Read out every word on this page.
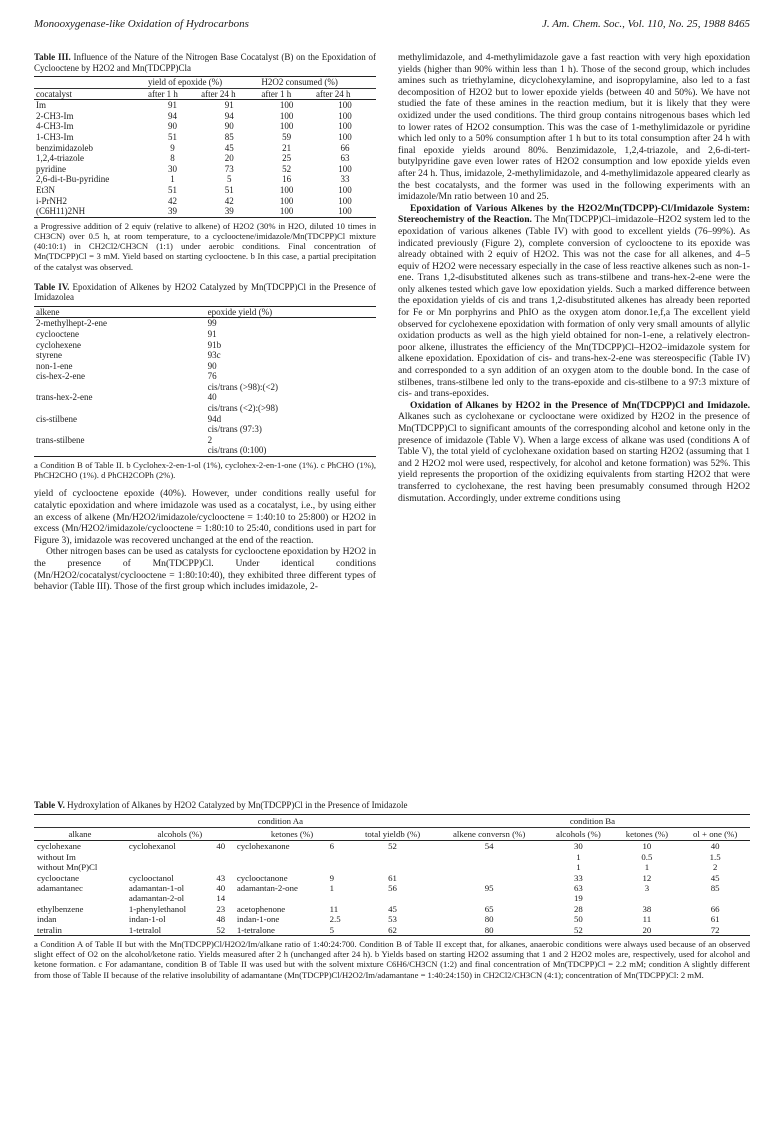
Monooxygenase-like Oxidation of Hydrocarbons	J. Am. Chem. Soc., Vol. 110, No. 25, 1988 8465
Table III. Influence of the Nature of the Nitrogen Base Cocatalyst (B) on the Epoxidation of Cyclooctene by H2O2 and Mn(TDCPP)Cla
	yield of epoxide (%)		H2O2 consumed (%)	
cocatalyst	after 1 h	after 24 h	after 1 h	after 24 h
Im	91	91	100	100
2-CH3-Im	94	94	100	100
4-CH3-Im	90	90	100	100
1-CH3-Im	51	85	59	100
benzimidazoleb	9	45	21	66
1,2,4-triazole	8	20	25	63
pyridine	30	73	52	100
2,6-di-t-Bu-pyridine	1	5	16	33
Et3N	51	51	100	100
i-PrNH2	42	42	100	100
(C6H11)2NH	39	39	100	100
a Progressive addition of 2 equiv (relative to alkene) of H2O2 (30% in H2O, diluted 10 times in CH3CN) over 0.5 h, at room temperature, to a cyclooctene/imidazole/Mn(TDCPP)Cl mixture (40:10:1) in CH2Cl2/CH3CN (1:1) under aerobic conditions. Final concentration of Mn(TDCPP)Cl = 3 mM. Yield based on starting cyclooctene. b In this case, a partial precipitation of the catalyst was observed.
Table IV. Epoxidation of Alkenes by H2O2 Catalyzed by Mn(TDCPP)Cl in the Presence of Imidazolea
alkene	epoxide yield (%)
2-methylhept-2-ene	99
cyclooctene	91
cyclohexene	91b
styrene	93c
non-1-ene	90
cis-hex-2-ene	76
	cis/trans (>98):(<2)
trans-hex-2-ene	40
	cis/trans (<2):(>98)
cis-stilbene	94d
	cis/trans (97:3)
trans-stilbene	2
	cis/trans (0:100)
a Condition B of Table II. b Cyclohex-2-en-1-ol (1%), cyclohex-2-en-1-one (1%). c PhCHO (1%), PhCH2CHO (1%). d PhCH2COPh (2%).

yield of cyclooctene epoxide (40%). However, under conditions really useful for catalytic epoxidation and where imidazole was used as a cocatalyst, i.e., by using either an excess of alkene (Mn/H2O2/imidazole/cyclooctene = 1:40:10 to 25:800) or H2O2 in excess (Mn/H2O2/imidazole/cyclooctene = 1:80:10 to 25:40, conditions used in part for Figure 3), imidazole was recovered unchanged at the end of the reaction.

Other nitrogen bases can be used as catalysts for cyclooctene epoxidation by H2O2 in the presence of Mn(TDCPP)Cl. Under identical conditions (Mn/H2O2/cocatalyst/cyclooctene = 1:80:10:40), they exhibited three different types of behavior (Table III). Those of the first group which includes imidazole, 2-

methylimidazole, and 4-methylimidazole gave a fast reaction with very high epoxidation yields (higher than 90% within less than 1 h). Those of the second group, which includes amines such as triethylamine, dicyclohexylamine, and isopropylamine, also led to a fast decomposition of H2O2 but to lower epoxide yields (between 40 and 50%). We have not studied the fate of these amines in the reaction medium, but it is likely that they were oxidized under the used conditions. The third group contains nitrogenous bases which led to lower rates of H2O2 consumption. This was the case of 1-methylimidazole or pyridine which led only to a 50% consumption after 1 h but to its total consumption after 24 h with final epoxide yields around 80%. Benzimidazole, 1,2,4-triazole, and 2,6-di-tert-butylpyridine gave even lower rates of H2O2 consumption and low epoxide yields even after 24 h. Thus, imidazole, 2-methylimidazole, and 4-methylimidazole appeared clearly as the best cocatalysts, and the former was used in the following experiments with an imidazole/Mn ratio between 10 and 25.

Epoxidation of Various Alkenes by the H2O2/Mn(TDCPP)-Cl/Imidazole System: Stereochemistry of the Reaction. The Mn(TDCPP)Cl–imidazole–H2O2 system led to the epoxidation of various alkenes (Table IV) with good to excellent yields (76–99%). As indicated previously (Figure 2), complete conversion of cyclooctene to its epoxide was already obtained with 2 equiv of H2O2. This was not the case for all alkenes, and 4–5 equiv of H2O2 were necessary especially in the case of less reactive alkenes such as non-1-ene. Trans 1,2-disubstituted alkenes such as trans-stilbene and trans-hex-2-ene were the only alkenes tested which gave low epoxidation yields. Such a marked difference between the epoxidation yields of cis and trans 1,2-disubstituted alkenes has already been reported for Fe or Mn porphyrins and PhIO as the oxygen atom donor.1e,f,a The excellent yield observed for cyclohexene epoxidation with formation of only very small amounts of allylic oxidation products as well as the high yield obtained for non-1-ene, a relatively electron-poor alkene, illustrates the efficiency of the Mn(TDCPP)Cl–H2O2–imidazole system for alkene epoxidation. Epoxidation of cis- and trans-hex-2-ene was stereospecific (Table IV) and corresponded to a syn addition of an oxygen atom to the double bond. In the case of stilbenes, trans-stilbene led only to the trans-epoxide and cis-stilbene to a 97:3 mixture of cis- and trans-epoxides.

Oxidation of Alkanes by H2O2 in the Presence of Mn(TDCPP)Cl and Imidazole. Alkanes such as cyclohexane or cyclooctane were oxidized by H2O2 in the presence of Mn(TDCPP)Cl to significant amounts of the corresponding alcohol and ketone only in the presence of imidazole (Table V). When a large excess of alkane was used (conditions A of Table V), the total yield of cyclohexane oxidation based on starting H2O2 (assuming that 1 and 2 H2O2 mol were used, respectively, for alcohol and ketone formation) was 52%. This yield represents the proportion of the oxidizing equivalents from starting H2O2 that were transferred to cyclohexane, the rest having been presumably consumed through H2O2 dismutation. Accordingly, under extreme conditions using

Table V. Hydroxylation of Alkanes by H2O2 Catalyzed by Mn(TDCPP)Cl in the Presence of Imidazole
	condition Aa					condition Ba			
alkane	alcohols (%)		ketones (%)		total yieldb (%)	alkene conversn (%)	alcohols (%)	ketones (%)	ol + one (%)
cyclohexane	cyclohexanol	40	cyclohexanone	6	52	54	30	10	40
without Im							1	0.5	1.5
without Mn(P)Cl							1	1	2
cyclooctane	cyclooctanol	43	cyclooctanone	9	61		33	12	45
adamantanec	adamantan-1-ol	40	adamantan-2-one	1	56	95	63	3	85
	adamantan-2-ol	14					19		
ethylbenzene	1-phenylethanol	23	acetophenone	11	45	65	28	38	66
indan	indan-1-ol	48	indan-1-one	2.5	53	80	50	11	61
tetralin	1-tetralol	52	1-tetralone	5	62	80	52	20	72
a Condition A of Table II but with the Mn(TDCPP)Cl/H2O2/Im/alkane ratio of 1:40:24:700. Condition B of Table II except that, for alkanes, anaerobic conditions were always used because of an observed slight effect of O2 on the alcohol/ketone ratio. Yields measured after 2 h (unchanged after 24 h). b Yields based on starting H2O2 assuming that 1 and 2 H2O2 moles are, respectively, used for alcohol and ketone formation. c For adamantane, condition B of Table II was used but with the solvent mixture C6H6/CH3CN (1:2) and final concentration of Mn(TDCPP)Cl = 2.2 mM; condition A slightly different from those of Table II because of the relative insolubility of adamantane (Mn(TDCPP)Cl/H2O2/Im/adamantane = 1:40:24:150) in CH2Cl2/CH3CN (4:1); concentration of Mn(TDCPP)Cl: 2 mM.
